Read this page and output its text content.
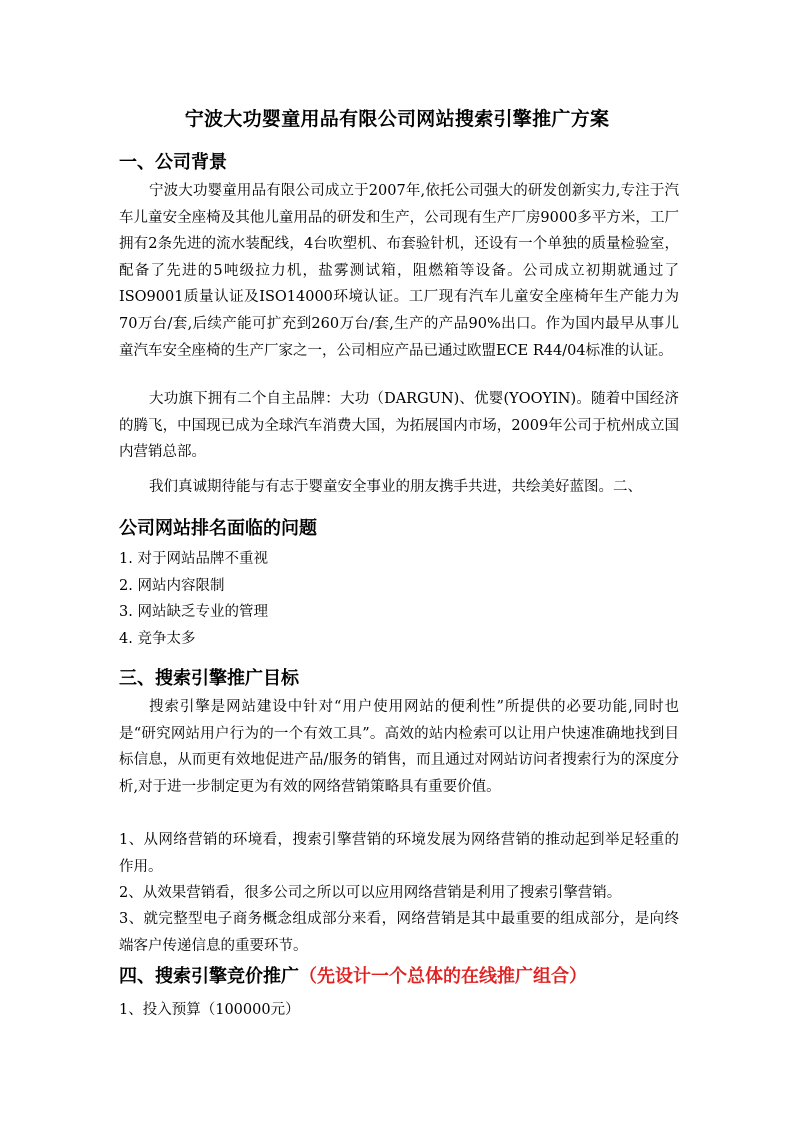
宁波大功婴童用品有限公司网站搜索引擎推广方案
一、公司背景

宁波大功婴童用品有限公司成立于2007年,依托公司强大的研发创新实力,专注于汽车儿童安全座椅及其他儿童用品的研发和生产，公司现有生产厂房9000多平方米，工厂拥有2条先进的流水装配线，4台吹塑机、布套验针机，还设有一个单独的质量检验室，配备了先进的5吨级拉力机，盐雾测试箱，阻燃箱等设备。公司成立初期就通过了ISO9001质量认证及ISO14000环境认证。工厂现有汽车儿童安全座椅年生产能力为70万台/套,后续产能可扩充到260万台/套,生产的产品90%出口。作为国内最早从事儿童汽车安全座椅的生产厂家之一，公司相应产品已通过欧盟ECE R44/04标准的认证。

大功旗下拥有二个自主品牌：大功（DARGUN)、优婴(YOOYIN)。随着中国经济的腾飞，中国现已成为全球汽车消费大国，为拓展国内市场，2009年公司于杭州成立国内营销总部。

我们真诚期待能与有志于婴童安全事业的朋友携手共进，共绘美好蓝图。二、

公司网站排名面临的问题
1. 对于网站品牌不重视
2. 网站内容限制
3. 网站缺乏专业的管理
4. 竞争太多
三、搜索引擎推广目标

搜索引擎是网站建设中针对“用户使用网站的便利性”所提供的必要功能,同时也是“研究网站用户行为的一个有效工具”。高效的站内检索可以让用户快速准确地找到目标信息，从而更有效地促进产品/服务的销售，而且通过对网站访问者搜索行为的深度分析,对于进一步制定更为有效的网络营销策略具有重要价值。

1、从网络营销的环境看，搜索引擎营销的环境发展为网络营销的推动起到举足轻重的作用。

2、从效果营销看，很多公司之所以可以应用网络营销是利用了搜索引擎营销。

3、就完整型电子商务概念组成部分来看，网络营销是其中最重要的组成部分，是向终端客户传递信息的重要环节。

四、搜索引擎竞价推广（先设计一个总体的在线推广组合）

1、投入预算（100000元）
